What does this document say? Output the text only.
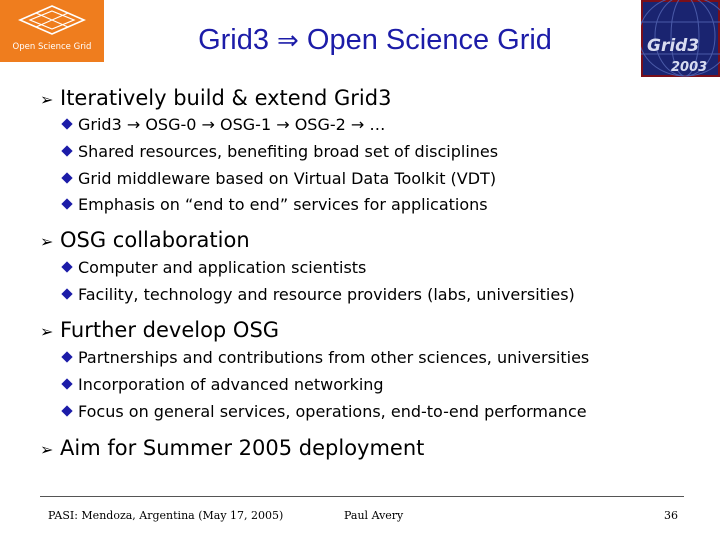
Open Science Grid	Grid3
2003
Grid3 ⇒ Open Science Grid
➢ Iteratively build & extend Grid3
Grid3 → OSG-0 → OSG-1 → OSG-2 → …
Shared resources, benefiting broad set of disciplines
Grid middleware based on Virtual Data Toolkit (VDT)
Emphasis on “end to end” services for applications
➢ OSG collaboration
Computer and application scientists
Facility, technology and resource providers (labs, universities)
➢ Further develop OSG
Partnerships and contributions from other sciences, universities
Incorporation of advanced networking
Focus on general services, operations, end-to-end performance
➢ Aim for Summer 2005 deployment
PASI: Mendoza, Argentina (May 17, 2005)	Paul Avery	36
